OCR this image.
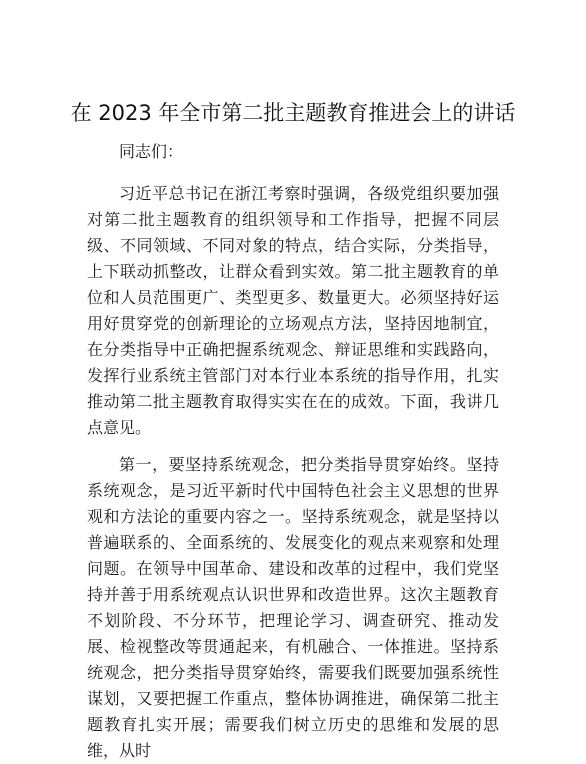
在 2023 年全市第二批主题教育推进会上的讲话

同志们：

习近平总书记在浙江考察时强调，各级党组织要加强对第二批主题教育的组织领导和工作指导，把握不同层级、不同领域、不同对象的特点，结合实际，分类指导，上下联动抓整改，让群众看到实效。第二批主题教育的单位和人员范围更广、类型更多、数量更大。必须坚持好运用好贯穿党的创新理论的立场观点方法，坚持因地制宜，在分类指导中正确把握系统观念、辩证思维和实践路向，发挥行业系统主管部门对本行业本系统的指导作用，扎实推动第二批主题教育取得实实在在的成效。下面，我讲几点意见。

第一，要坚持系统观念，把分类指导贯穿始终。坚持系统观念，是习近平新时代中国特色社会主义思想的世界观和方法论的重要内容之一。坚持系统观念，就是坚持以普遍联系的、全面系统的、发展变化的观点来观察和处理问题。在领导中国革命、建设和改革的过程中，我们党坚持并善于用系统观点认识世界和改造世界。这次主题教育不划阶段、不分环节，把理论学习、调查研究、推动发展、检视整改等贯通起来，有机融合、一体推进。坚持系统观念，把分类指导贯穿始终，需要我们既要加强系统性谋划，又要把握工作重点，整体协调推进，确保第二批主题教育扎实开展；需要我们树立历史的思维和发展的思维，从时
